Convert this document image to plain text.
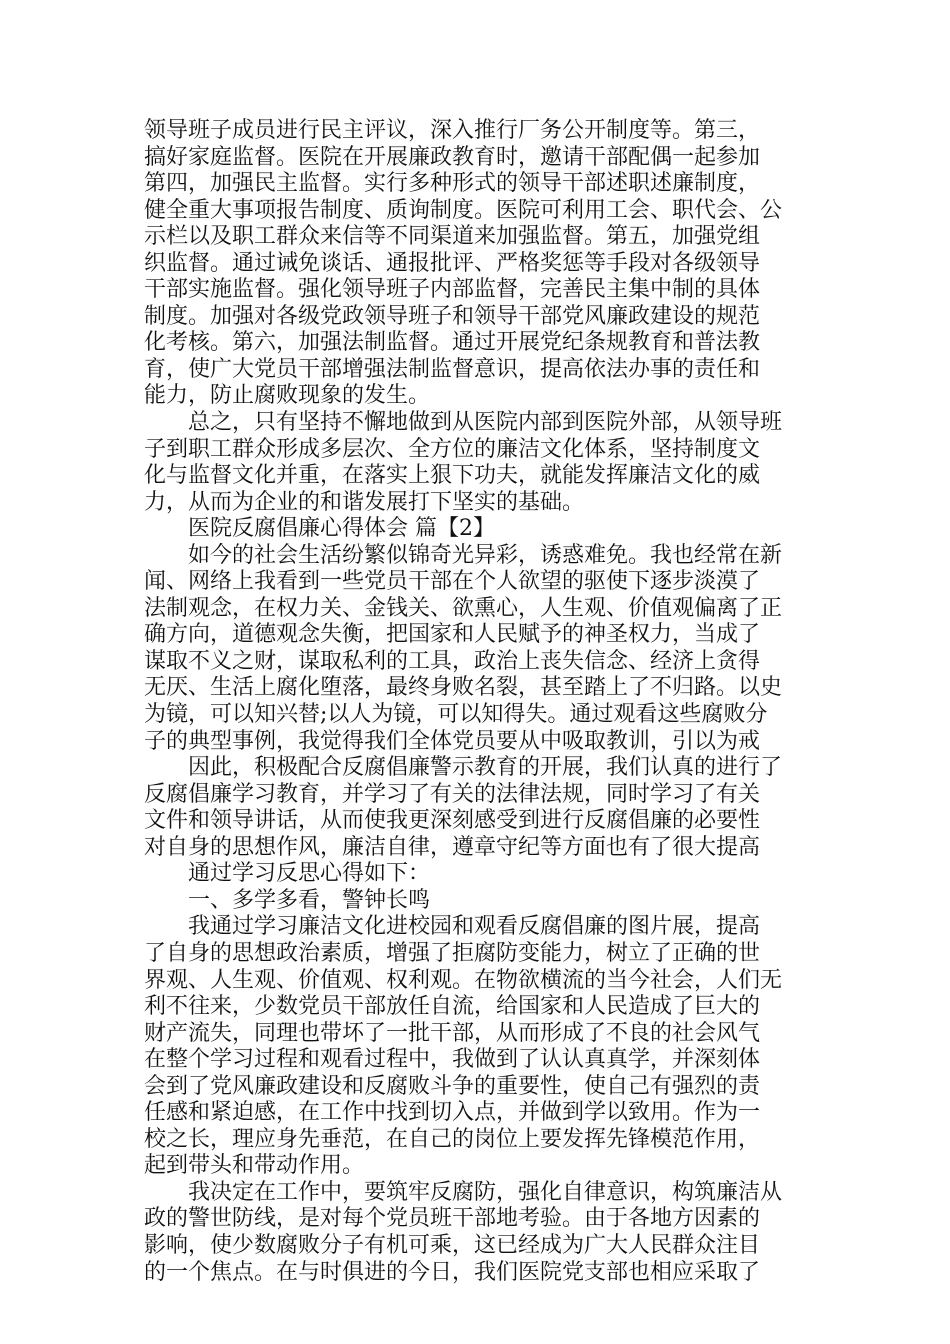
领导班子成员进行民主评议，深入推行厂务公开制度等。第三，
搞好家庭监督。医院在开展廉政教育时，邀请干部配偶一起参加
第四，加强民主监督。实行多种形式的领导干部述职述廉制度，
健全重大事项报告制度、质询制度。医院可利用工会、职代会、公
示栏以及职工群众来信等不同渠道来加强监督。第五，加强党组
织监督。通过诫免谈话、通报批评、严格奖惩等手段对各级领导
干部实施监督。强化领导班子内部监督，完善民主集中制的具体
制度。加强对各级党政领导班子和领导干部党风廉政建设的规范
化考核。第六，加强法制监督。通过开展党纪条规教育和普法教
育，使广大党员干部增强法制监督意识，提高依法办事的责任和
能力，防止腐败现象的发生。
　　总之，只有坚持不懈地做到从医院内部到医院外部，从领导班
子到职工群众形成多层次、全方位的廉洁文化体系，坚持制度文
化与监督文化并重，在落实上狠下功夫，就能发挥廉洁文化的威
力，从而为企业的和谐发展打下坚实的基础。
　　医院反腐倡廉心得体会 篇【2】
　　如今的社会生活纷繁似锦奇光异彩，诱惑难免。我也经常在新
闻、网络上我看到一些党员干部在个人欲望的驱使下逐步淡漠了
法制观念，在权力关、金钱关、欲熏心，人生观、价值观偏离了正
确方向，道德观念失衡，把国家和人民赋予的神圣权力，当成了
谋取不义之财，谋取私利的工具，政治上丧失信念、经济上贪得
无厌、生活上腐化堕落，最终身败名裂，甚至踏上了不归路。以史
为镜，可以知兴替;以人为镜，可以知得失。通过观看这些腐败分
子的典型事例，我觉得我们全体党员要从中吸取教训，引以为戒
　　因此，积极配合反腐倡廉警示教育的开展，我们认真的进行了
反腐倡廉学习教育，并学习了有关的法律法规，同时学习了有关
文件和领导讲话，从而使我更深刻感受到进行反腐倡廉的必要性
对自身的思想作风，廉洁自律，遵章守纪等方面也有了很大提高
　　通过学习反思心得如下：
　　一、多学多看，警钟长鸣
　　我通过学习廉洁文化进校园和观看反腐倡廉的图片展，提高
了自身的思想政治素质，增强了拒腐防变能力，树立了正确的世
界观、人生观、价值观、权利观。在物欲横流的当今社会，人们无
利不往来，少数党员干部放任自流，给国家和人民造成了巨大的
财产流失，同理也带坏了一批干部，从而形成了不良的社会风气
在整个学习过程和观看过程中，我做到了认认真真学，并深刻体
会到了党风廉政建设和反腐败斗争的重要性，使自己有强烈的责
任感和紧迫感，在工作中找到切入点，并做到学以致用。作为一
校之长，理应身先垂范，在自己的岗位上要发挥先锋模范作用，
起到带头和带动作用。
　　我决定在工作中，要筑牢反腐防，强化自律意识，构筑廉洁从
政的警世防线，是对每个党员班干部地考验。由于各地方因素的
影响，使少数腐败分子有机可乘，这已经成为广大人民群众注目
的一个焦点。在与时俱进的今日，我们医院党支部也相应采取了
